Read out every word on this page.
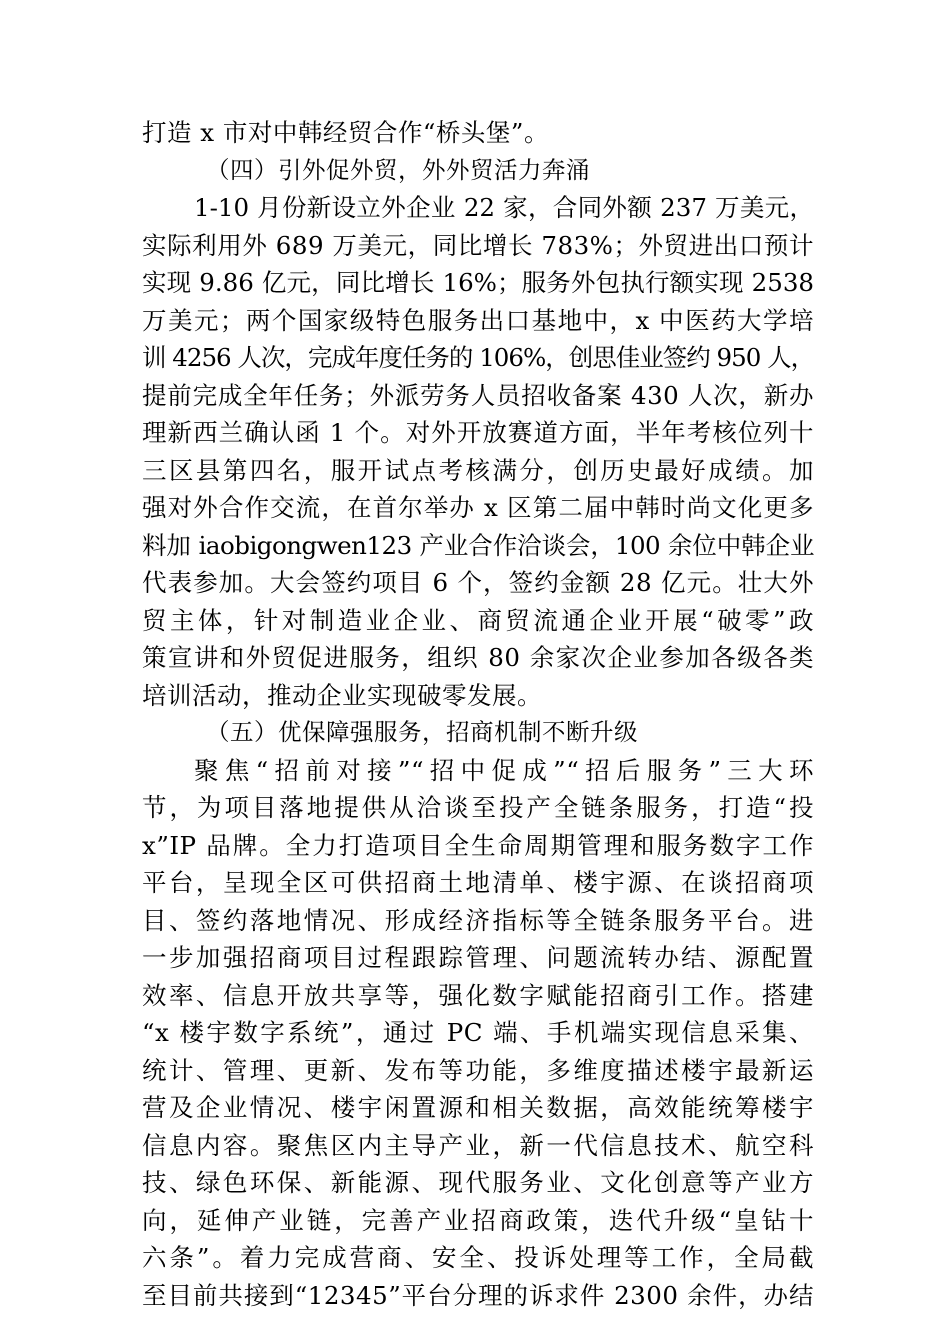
打造 x 市对中韩经贸合作“桥头堡”。
（四）引外促外贸，外外贸活力奔涌
1-10 月份新设立外企业 22 家，合同外额 237 万美元，
实际利用外 689 万美元，同比增长 783%；外贸进出口预计
实现 9.86 亿元，同比增长 16%；服务外包执行额实现 2538
万美元；两个国家级特色服务出口基地中，x 中医药大学培
训 4256 人次，完成年度任务的 106%，创思佳业签约 950 人，
提前完成全年任务；外派劳务人员招收备案 430 人次，新办
理新西兰确认函 1 个。对外开放赛道方面，半年考核位列十
三区县第四名，服开试点考核满分，创历史最好成绩。加
强对外合作交流，在首尔举办 x 区第二届中韩时尚文化更多
料加 iaobigongwen123 产业合作洽谈会，100 余位中韩企业
代表参加。大会签约项目 6 个，签约金额 28 亿元。壮大外
贸主体，针对制造业企业、商贸流通企业开展“破零”政
策宣讲和外贸促进服务，组织 80 余家次企业参加各级各类
培训活动，推动企业实现破零发展。
（五）优保障强服务，招商机制不断升级
聚焦“招前对接”“招中促成”“招后服务”三大环
节，为项目落地提供从洽谈至投产全链条服务，打造“投
x”IP 品牌。全力打造项目全生命周期管理和服务数字工作
平台，呈现全区可供招商土地清单、楼宇源、在谈招商项
目、签约落地情况、形成经济指标等全链条服务平台。进
一步加强招商项目过程跟踪管理、问题流转办结、源配置
效率、信息开放共享等，强化数字赋能招商引工作。搭建
“x 楼宇数字系统”，通过 PC 端、手机端实现信息采集、
统计、管理、更新、发布等功能，多维度描述楼宇最新运
营及企业情况、楼宇闲置源和相关数据，高效能统筹楼宇
信息内容。聚焦区内主导产业，新一代信息技术、航空科
技、绿色环保、新能源、现代服务业、文化创意等产业方
向，延伸产业链，完善产业招商政策，迭代升级“皇钻十
六条”。着力完成营商、安全、投诉处理等工作，全局截
至目前共接到“12345”平台分理的诉求件 2300 余件，办结
